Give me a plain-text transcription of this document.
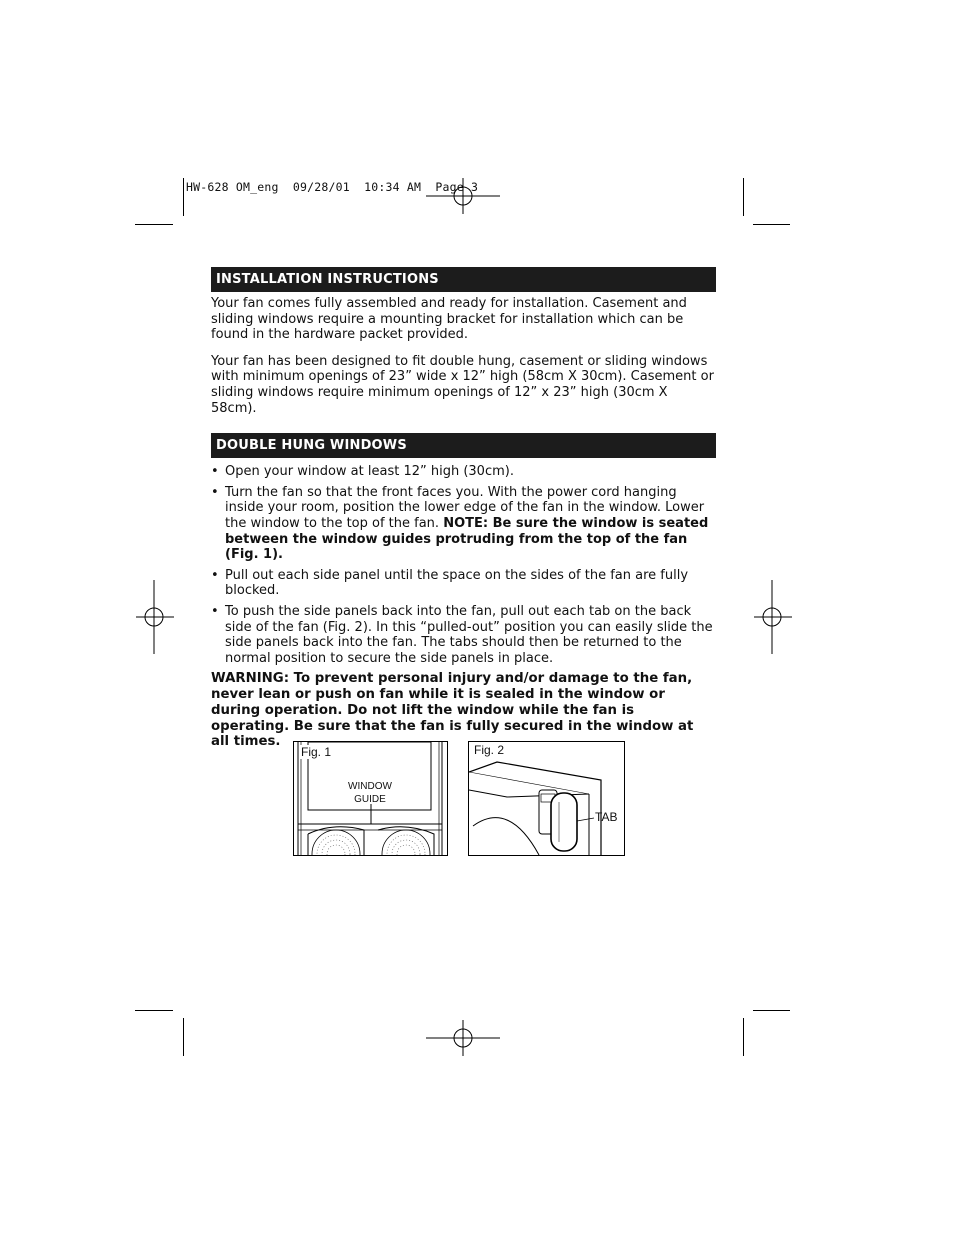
HW-628 OM_eng  09/28/01  10:34 AM  Page 3
INSTALLATION INSTRUCTIONS

Your fan comes fully assembled and ready for installation. Casement and sliding windows require a mounting bracket for installation which can be found in the hardware packet provided.

Your fan has been designed to fit double hung, casement or sliding windows with minimum openings of 23” wide x 12” high (58cm X 30cm). Casement or sliding windows require minimum openings of 12” x 23” high (30cm X 58cm).

DOUBLE HUNG WINDOWS
• Open your window at least 12” high (30cm).
• Turn the fan so that the front faces you. With the power cord hanging inside your room, position the lower edge of the fan in the window. Lower the window to the top of the fan. NOTE: Be sure the window is seated between the window guides protruding from the top of the fan (Fig. 1).
• Pull out each side panel until the space on the sides of the fan are fully blocked.
• To push the side panels back into the fan, pull out each tab on the back side of the fan (Fig. 2). In this “pulled-out” position you can easily slide the side panels back into the fan. The tabs should then be returned to the normal position to secure the side panels in place.

WARNING: To prevent personal injury and/or damage to the fan, never lean or push on fan while it is sealed in the window or during operation. Do not lift the window while the fan is operating. Be sure that the fan is fully secured in the window at all times.

Fig. 1
WINDOW
GUIDE
Fig. 2
TAB
